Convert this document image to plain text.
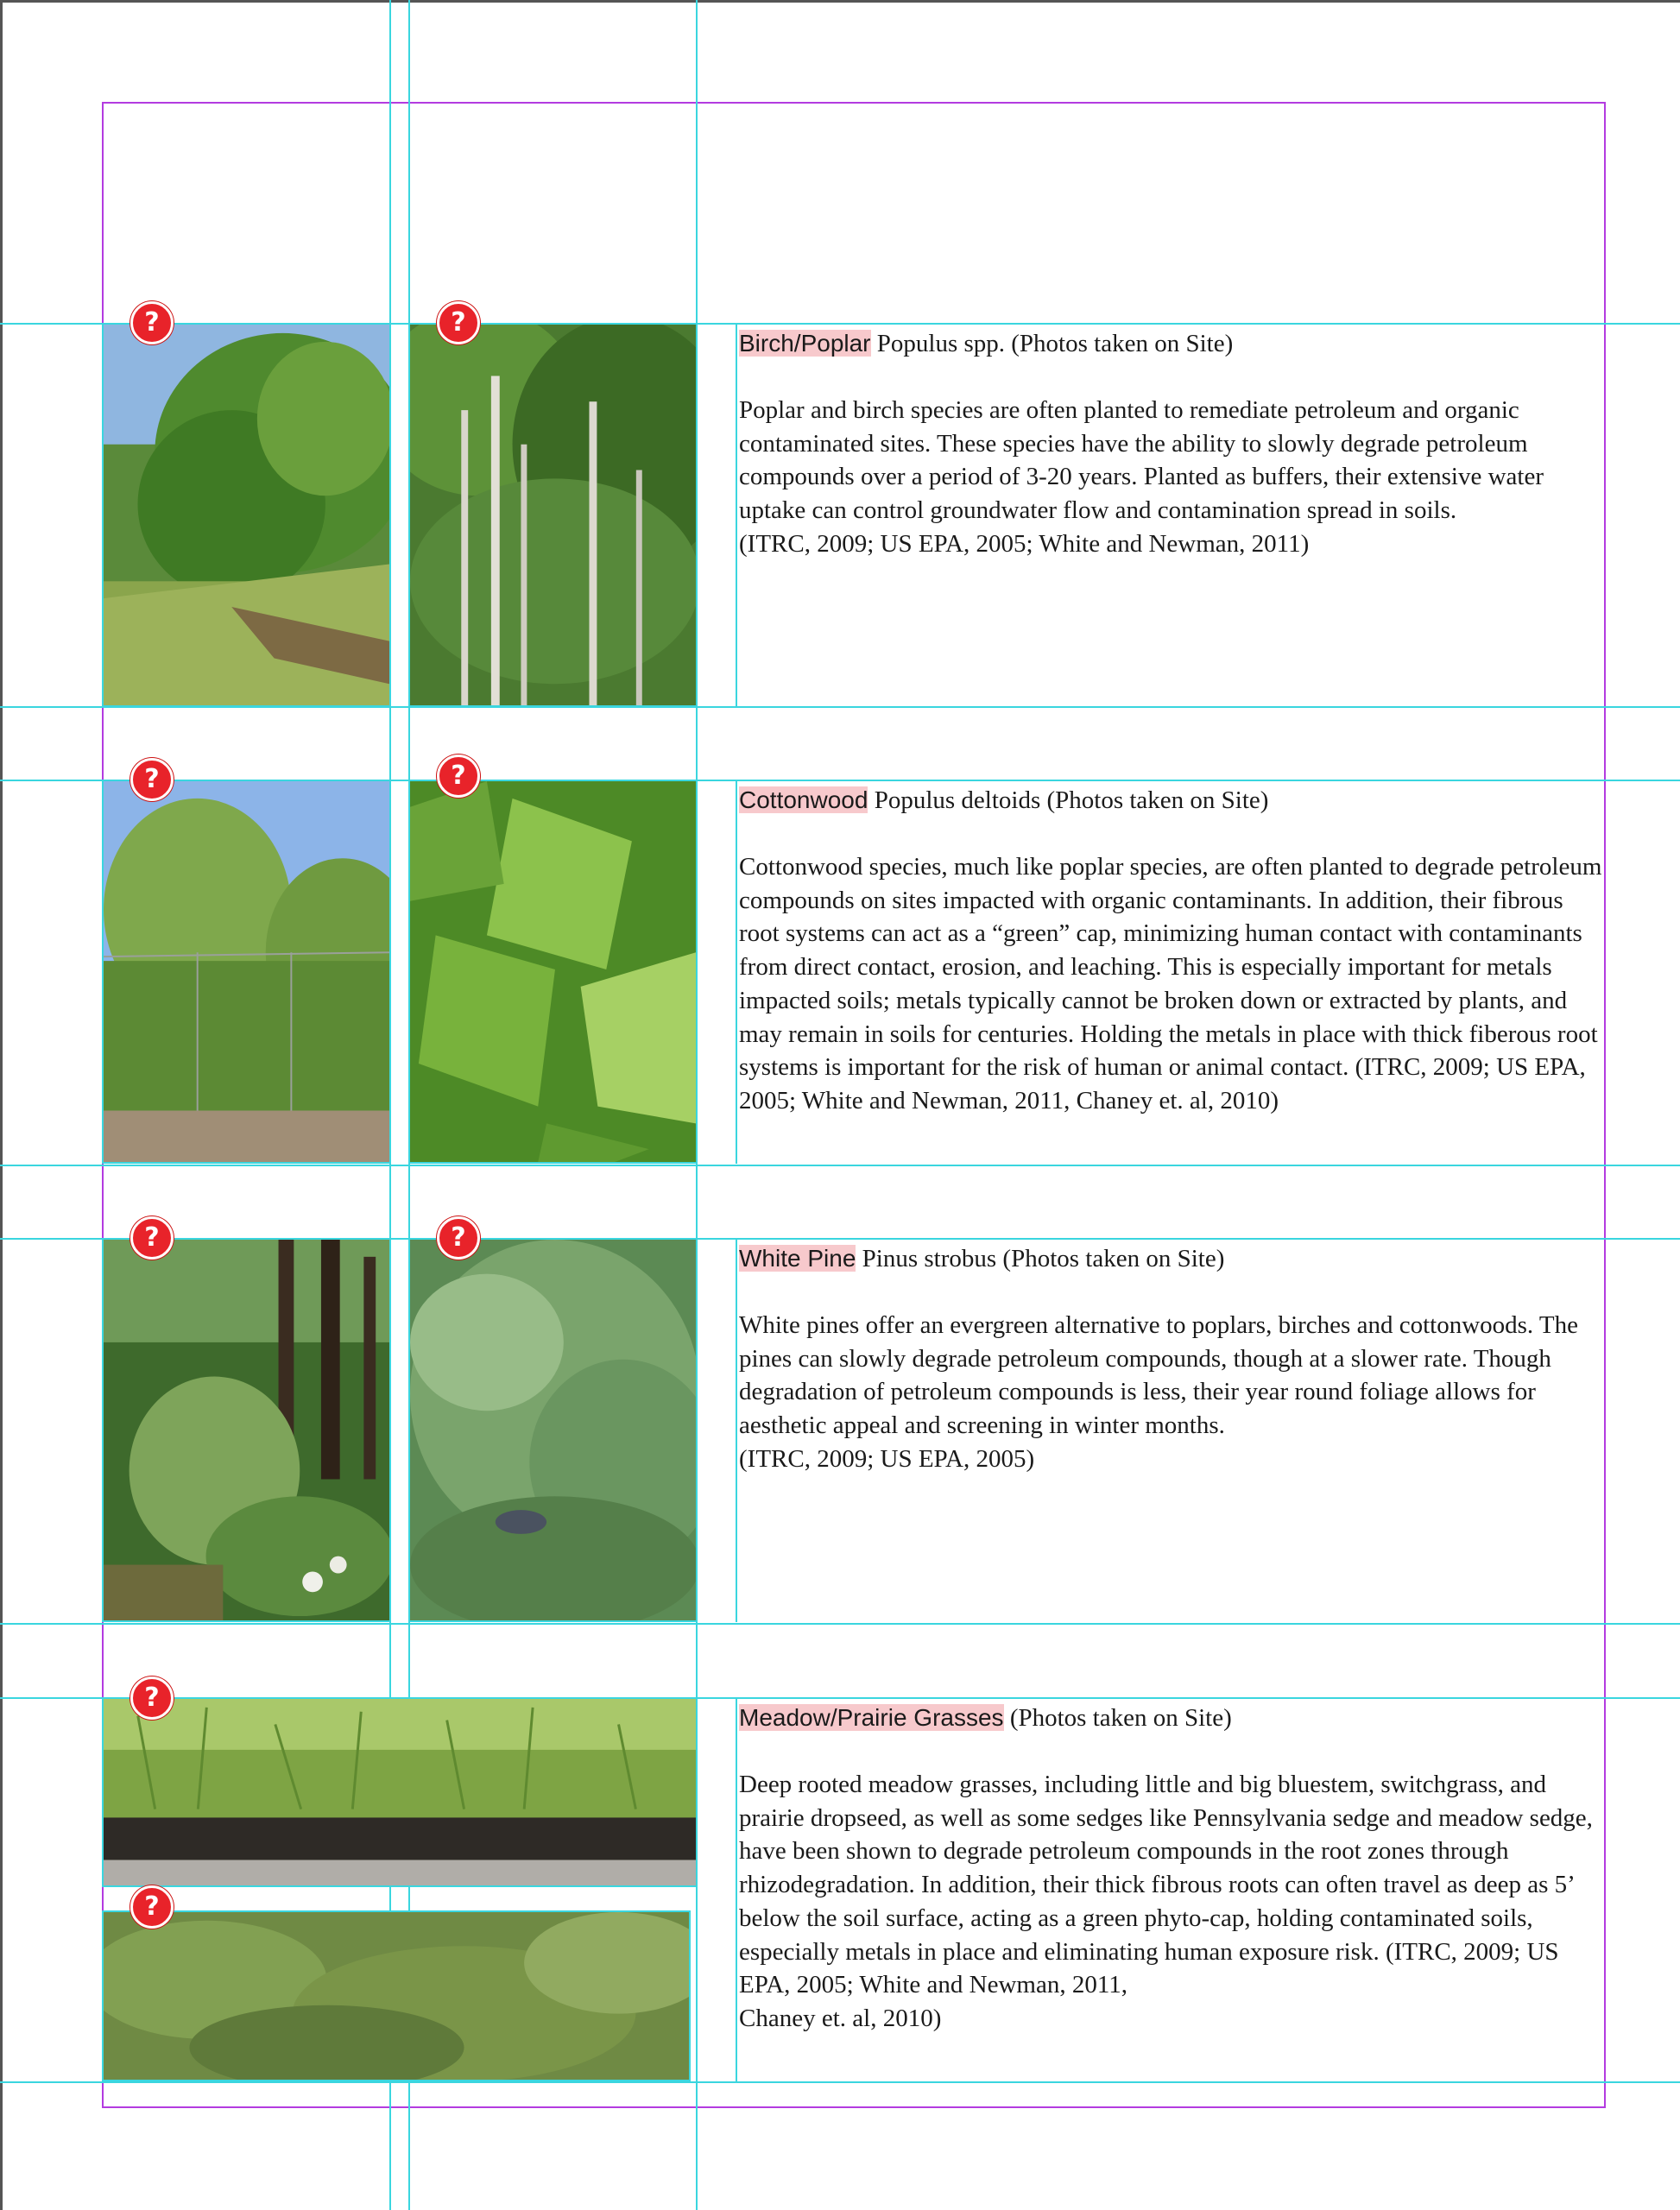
?	?
?	?
?	?
?
?
Birch/Poplar Populus spp. (Photos taken on Site)

Poplar and birch species are often planted to remediate petroleum and organic contaminated sites. These species have the ability to slowly degrade petroleum compounds over a period of 3-20 years. Planted as buffers, their extensive water uptake can control groundwater flow and contamination spread in soils.

(ITRC, 2009; US EPA, 2005; White and Newman, 2011)

Cottonwood Populus deltoids (Photos taken on Site)

Cottonwood species, much like poplar species, are often planted to degrade petroleum compounds on sites impacted with organic contaminants. In addition, their fibrous root systems can act as a “green” cap, minimizing human contact with contaminants from direct contact, erosion, and leaching. This is especially important for metals impacted soils; metals typically cannot be broken down or extracted by plants, and may remain in soils for centuries. Holding the metals in place with thick fiberous root systems is important for the risk of human or animal contact. (ITRC, 2009; US EPA, 2005; White and Newman, 2011, Chaney et. al, 2010)

White Pine Pinus strobus (Photos taken on Site)

White pines offer an evergreen alternative to poplars, birches and cottonwoods. The pines can slowly degrade petroleum compounds, though at a slower rate. Though degradation of petroleum compounds is less, their year round foliage allows for aesthetic appeal and screening in winter months.

(ITRC, 2009; US EPA, 2005)

Meadow/Prairie Grasses (Photos taken on Site)

Deep rooted meadow grasses, including little and big bluestem, switchgrass, and prairie dropseed, as well as some sedges like Pennsylvania sedge and meadow sedge, have been shown to degrade petroleum compounds in the root zones through rhizodegradation. In addition, their thick fibrous roots can often travel as deep as 5’ below the soil surface, acting as a green phyto-cap, holding contaminated soils, especially metals in place and eliminating human exposure risk. (ITRC, 2009; US EPA, 2005; White and Newman, 2011,

Chaney et. al, 2010)
